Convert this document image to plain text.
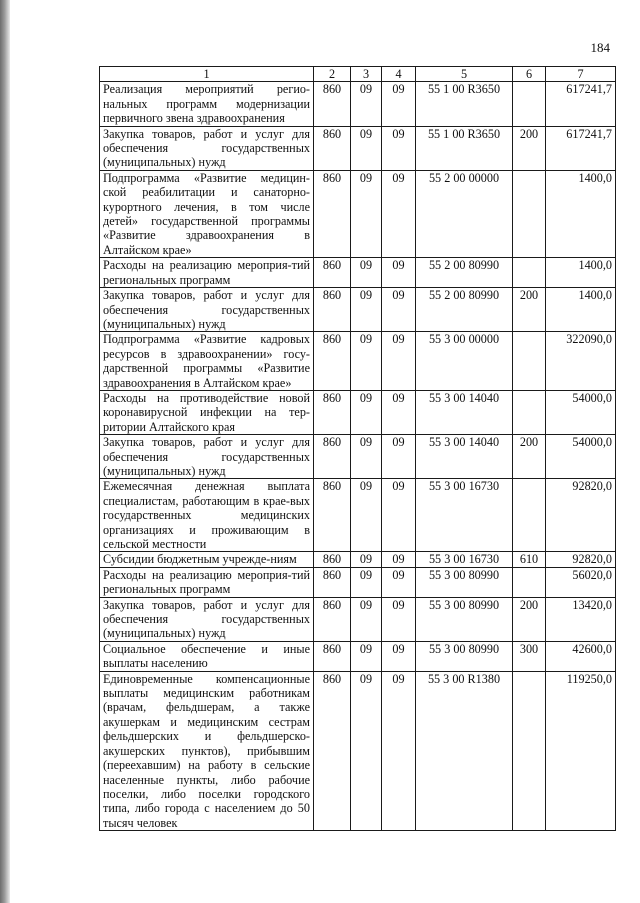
184
1	2	3	4	5	6	7
Реализация мероприятий регио-нальных программ модернизации первичного звена здравоохранения	860	09	09	55 1 00 R3650		617241,7
Закупка товаров, работ и услуг для обеспечения государственных (муниципальных) нужд	860	09	09	55 1 00 R3650	200	617241,7
Подпрограмма «Развитие медицин-ской реабилитации и санаторно-курортного лечения, в том числе детей» государственной программы «Развитие здравоохранения в Алтайском крае»	860	09	09	55 2 00 00000		1400,0
Расходы на реализацию мероприя-тий региональных программ	860	09	09	55 2 00 80990		1400,0
Закупка товаров, работ и услуг для обеспечения государственных (муниципальных) нужд	860	09	09	55 2 00 80990	200	1400,0
Подпрограмма «Развитие кадровых ресурсов в здравоохранении» госу-дарственной программы «Развитие здравоохранения в Алтайском крае»	860	09	09	55 3 00 00000		322090,0
Расходы на противодействие новой коронавирусной инфекции на тер-ритории Алтайского края	860	09	09	55 3 00 14040		54000,0
Закупка товаров, работ и услуг для обеспечения государственных (муниципальных) нужд	860	09	09	55 3 00 14040	200	54000,0
Ежемесячная денежная выплата специалистам, работающим в крае-вых государственных медицинских организациях и проживающим в сельской местности	860	09	09	55 3 00 16730		92820,0
Субсидии бюджетным учрежде-ниям	860	09	09	55 3 00 16730	610	92820,0
Расходы на реализацию мероприя-тий региональных программ	860	09	09	55 3 00 80990		56020,0
Закупка товаров, работ и услуг для обеспечения государственных (муниципальных) нужд	860	09	09	55 3 00 80990	200	13420,0
Социальное обеспечение и иные выплаты населению	860	09	09	55 3 00 80990	300	42600,0
Единовременные компенсационные выплаты медицинским работникам (врачам, фельдшерам, а также акушеркам и медицинским сестрам фельдшерских и фельдшерско-акушерских пунктов), прибывшим (переехавшим) на работу в сельские населенные пункты, либо рабочие поселки, либо поселки городского типа, либо города с населением до 50 тысяч человек	860	09	09	55 3 00 R1380		119250,0
